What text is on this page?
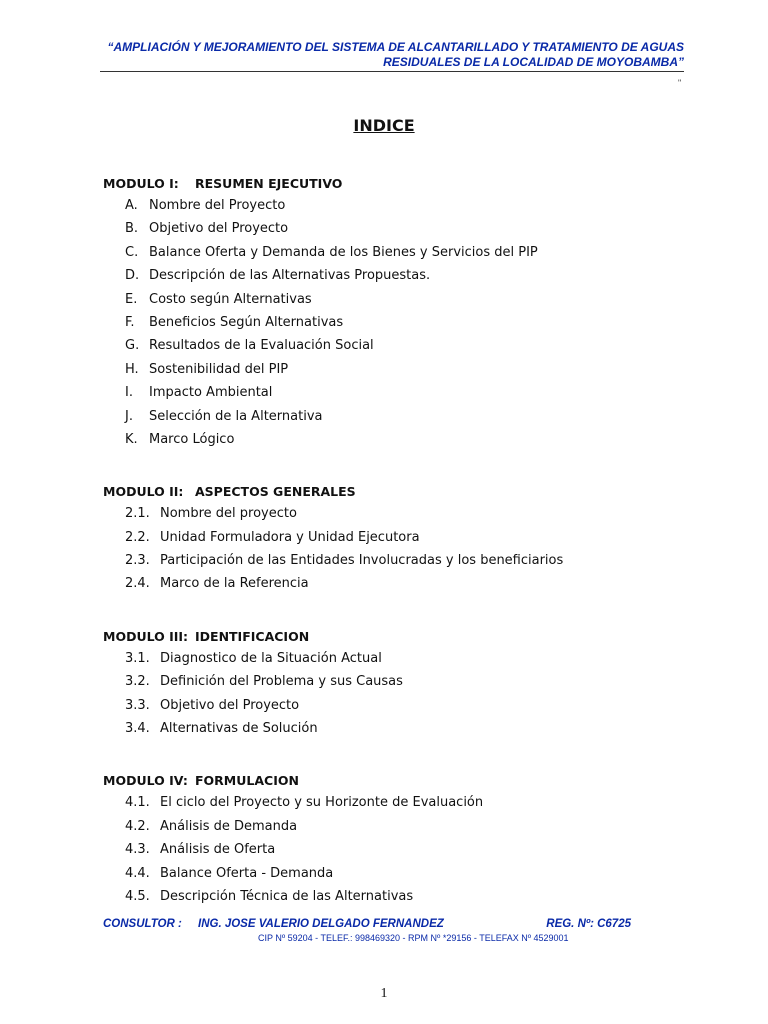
“AMPLIACIÓN Y MEJORAMIENTO DEL SISTEMA DE ALCANTARILLADO Y TRATAMIENTO DE AGUAS
RESIDUALES DE LA LOCALIDAD DE MOYOBAMBA”
"
INDICE
MODULO I: RESUMEN EJECUTIVO
A. Nombre del Proyecto
B. Objetivo del Proyecto
C. Balance Oferta y Demanda de los Bienes y Servicios del PIP
D. Descripción de las Alternativas Propuestas.
E. Costo según Alternativas
F. Beneficios Según Alternativas
G. Resultados de la Evaluación Social
H. Sostenibilidad del PIP
I. Impacto Ambiental
J. Selección de la Alternativa
K. Marco Lógico
MODULO II: ASPECTOS GENERALES
2.1. Nombre del proyecto
2.2. Unidad Formuladora y Unidad Ejecutora
2.3. Participación de las Entidades Involucradas y los beneficiarios
2.4. Marco de la Referencia
MODULO III: IDENTIFICACION
3.1. Diagnostico de la Situación Actual
3.2. Definición del Problema y sus Causas
3.3. Objetivo del Proyecto
3.4. Alternativas de Solución
MODULO IV: FORMULACION
4.1. El ciclo del Proyecto y su Horizonte de Evaluación
4.2. Análisis de Demanda
4.3. Análisis de Oferta
4.4. Balance Oferta - Demanda
4.5. Descripción Técnica de las Alternativas
CONSULTOR : ING. JOSE VALERIO DELGADO FERNANDEZ	REG. Nº: C6725
CIP Nº 59204 - TELEF.: 998469320 - RPM Nº *29156 - TELEFAX Nº 4529001
1
